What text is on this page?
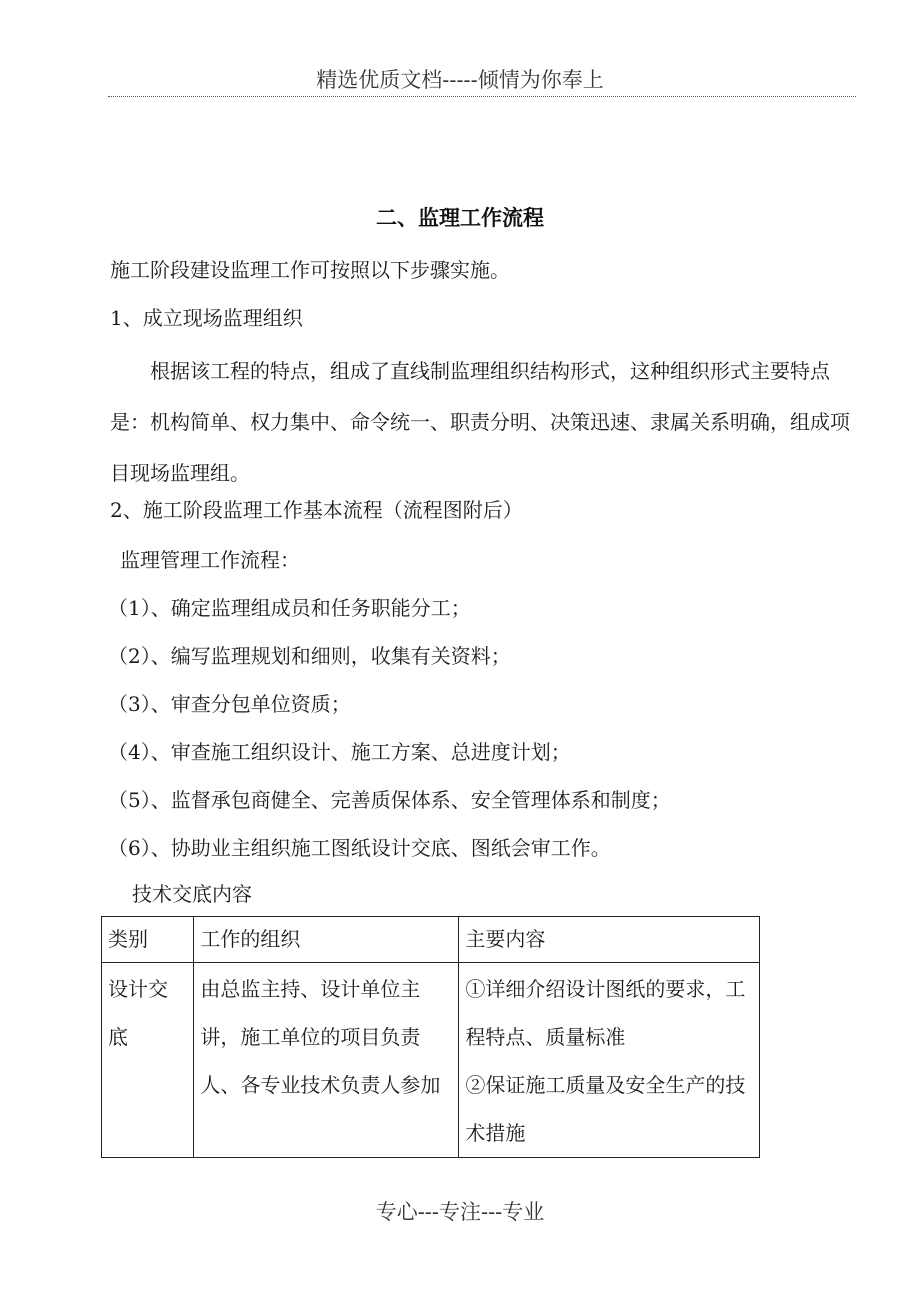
精选优质文档-----倾情为你奉上
二、监理工作流程
施工阶段建设监理工作可按照以下步骤实施。
1、成立现场监理组织
根据该工程的特点，组成了直线制监理组织结构形式，这种组织形式主要特点是：机构简单、权力集中、命令统一、职责分明、决策迅速、隶属关系明确，组成项目现场监理组。
2、施工阶段监理工作基本流程（流程图附后）
监理管理工作流程：
（1）、确定监理组成员和任务职能分工；
（2）、编写监理规划和细则，收集有关资料；
（3）、审查分包单位资质；
（4）、审查施工组织设计、施工方案、总进度计划；
（5）、监督承包商健全、完善质保体系、安全管理体系和制度；
（6）、协助业主组织施工图纸设计交底、图纸会审工作。
技术交底内容
类别	工作的组织	主要内容
设计交底	由总监主持、设计单位主讲，施工单位的项目负责人、各专业技术负责人参加	①详细介绍设计图纸的要求，工程特点、质量标准
②保证施工质量及安全生产的技术措施
专心---专注---专业
